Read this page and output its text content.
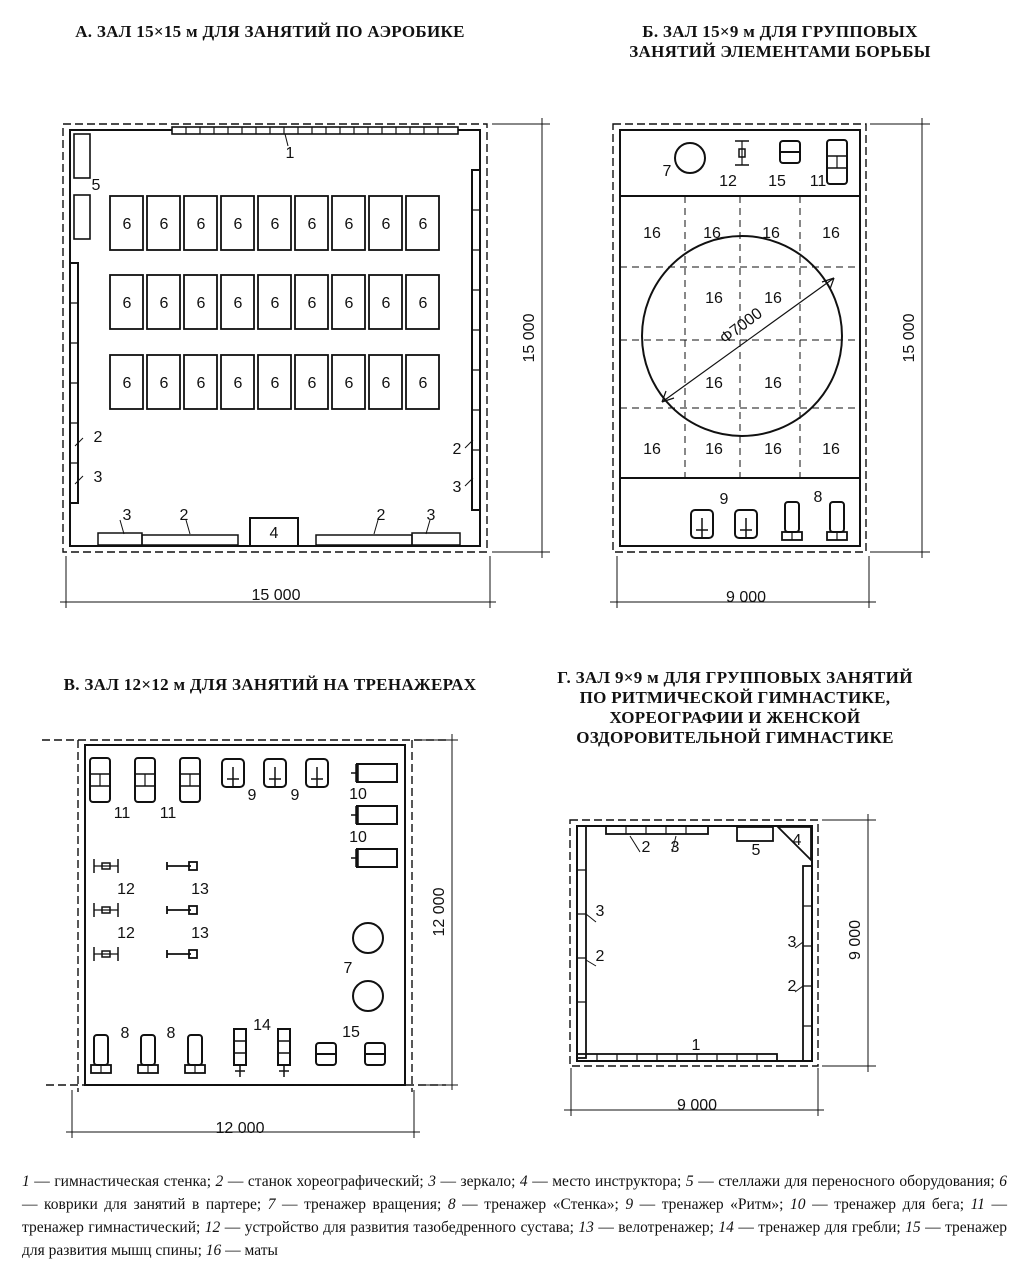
А. ЗАЛ 15×15 м ДЛЯ ЗАНЯТИЙ ПО АЭРОБИКЕ	Б. ЗАЛ 15×9 м ДЛЯ ГРУППОВЫХ
ЗАНЯТИЙ ЭЛЕМЕНТАМИ БОРЬБЫ
В. ЗАЛ 12×12 м ДЛЯ ЗАНЯТИЙ НА ТРЕНАЖЕРАХ	Г. ЗАЛ 9×9 м ДЛЯ ГРУППОВЫХ ЗАНЯТИЙ
ПО РИТМИЧЕСКОЙ ГИМНАСТИКЕ,
ХОРЕОГРАФИИ И ЖЕНСКОЙ
ОЗДОРОВИТЕЛЬНОЙ ГИМНАСТИКЕ
6 6 6 6 6 6 6 6 6
6 6 6 6 6 6 6 6 6
6 6 6 6 6 6 6 6 6
1
5
2
3
2
3
3	2
4
2	3
15 000
15 000	Φ7000
7
12 15 11
9	8
16	16	16	16
16	16
16	16
16	16	16	16
9 000
15 000
11 11
9 9	10
10
12
12
13
13
7
8 8	14	15
12 000
12 000
2 3	5
4
3
2
3
2
1
9 000
9 000
1 — гимнастическая стенка; 2 — станок хореографический; 3 — зеркало; 4 — место инструктора; 5 — стеллажи для переносного оборудования; 6 — коврики для занятий в партере; 7 — тренажер вращения; 8 — тренажер «Стенка»; 9 — тренажер «Ритм»; 10 — тренажер для бега; 11 — тренажер гимнастический; 12 — устройство для развития тазобедренного сустава; 13 — велотренажер; 14 — тренажер для гребли; 15 — тренажер для развития мышц спины; 16 — маты
